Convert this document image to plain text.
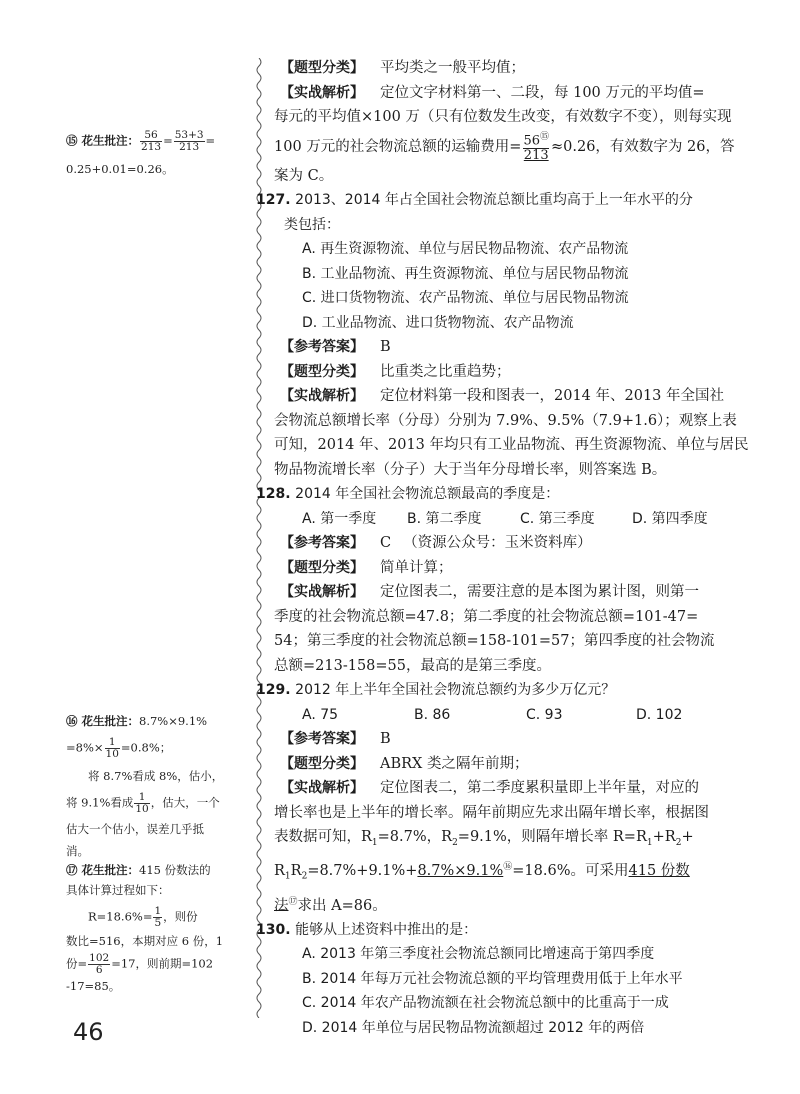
⑮ 花生批注： $\frac{56}{213} = \frac{53+3}{213}$ =

0.25+0.01=0.26。

⑯ 花生批注：8.7%×9.1%

$=8\%\times \frac{1}{10} =0.8\%$；

将 8.7%看成 8%，估小，

将 9.1%看成 $\frac{1}{10}$ ，估大，一个

估大一个估小，误差几乎抵

消。

⑰ 花生批注：415 份数法的

具体计算过程如下：

$R=18.6\%= \frac{1}{5}$ ，则份

数比=516，本期对应 6 份，1

份= $\frac{102}{6} =17$，则前期=102

-17=85。

【题型分类】 平均类之一般平均值；
【实战解析】 定位文字材料第一、二段，每 100 万元的平均值=
每元的平均值×100 万（只有位数发生改变，有效数字不变），则每实现
100 万元的社会物流总额的运输费用= $\frac{56^⑮}{213} \approx 0.26$，有效数字为 26，答
案为 C。
127. 2013、2014 年占全国社会物流总额比重均高于上一年水平的分
类包括：
A. 再生资源物流、单位与居民物品物流、农产品物流
B. 工业品物流、再生资源物流、单位与居民物品物流
C. 进口货物物流、农产品物流、单位与居民物品物流
D. 工业品物流、进口货物物流、农产品物流
【参考答案】 B
【题型分类】 比重类之比重趋势；
【实战解析】 定位材料第一段和图表一，2014 年、2013 年全国社
会物流总额增长率（分母）分别为 7.9%、9.5%（7.9+1.6）；观察上表
可知，2014 年、2013 年均只有工业品物流、再生资源物流、单位与居民
物品物流增长率（分子）大于当年分母增长率，则答案选 B。
128. 2014 年全国社会物流总额最高的季度是：
A. 第一季度	B. 第二季度	C. 第三季度	D. 第四季度
【参考答案】 C （资源公众号：玉米资料库）
【题型分类】 简单计算；
【实战解析】 定位图表二，需要注意的是本图为累计图，则第一
季度的社会物流总额=47.8；第二季度的社会物流总额=101-47=
54；第三季度的社会物流总额=158-101=57；第四季度的社会物流
总额=213-158=55，最高的是第三季度。
129. 2012 年上半年全国社会物流总额约为多少万亿元？
A. 75	B. 86	C. 93	D. 102
【参考答案】 B
【题型分类】 ABRX 类之隔年前期；
【实战解析】 定位图表二，第二季度累积量即上半年量，对应的
增长率也是上半年的增长率。隔年前期应先求出隔年增长率，根据图
表数据可知，$R_1=8.7\%$，$R_2=9.1\%$，则隔年增长率 $R=R_1+R_2+$
$R_1R_2=8.7\%+9.1\%+8.7\%\times 9.1\%^⑯=18.6\%$。可采用415 份数
法⑰求出 A=86。
130. 能够从上述资料中推出的是：
A. 2013 年第三季度社会物流总额同比增速高于第四季度
B. 2014 年每万元社会物流总额的平均管理费用低于上年水平
C. 2014 年农产品物流额在社会物流总额中的比重高于一成
D. 2014 年单位与居民物品物流额超过 2012 年的两倍
46
